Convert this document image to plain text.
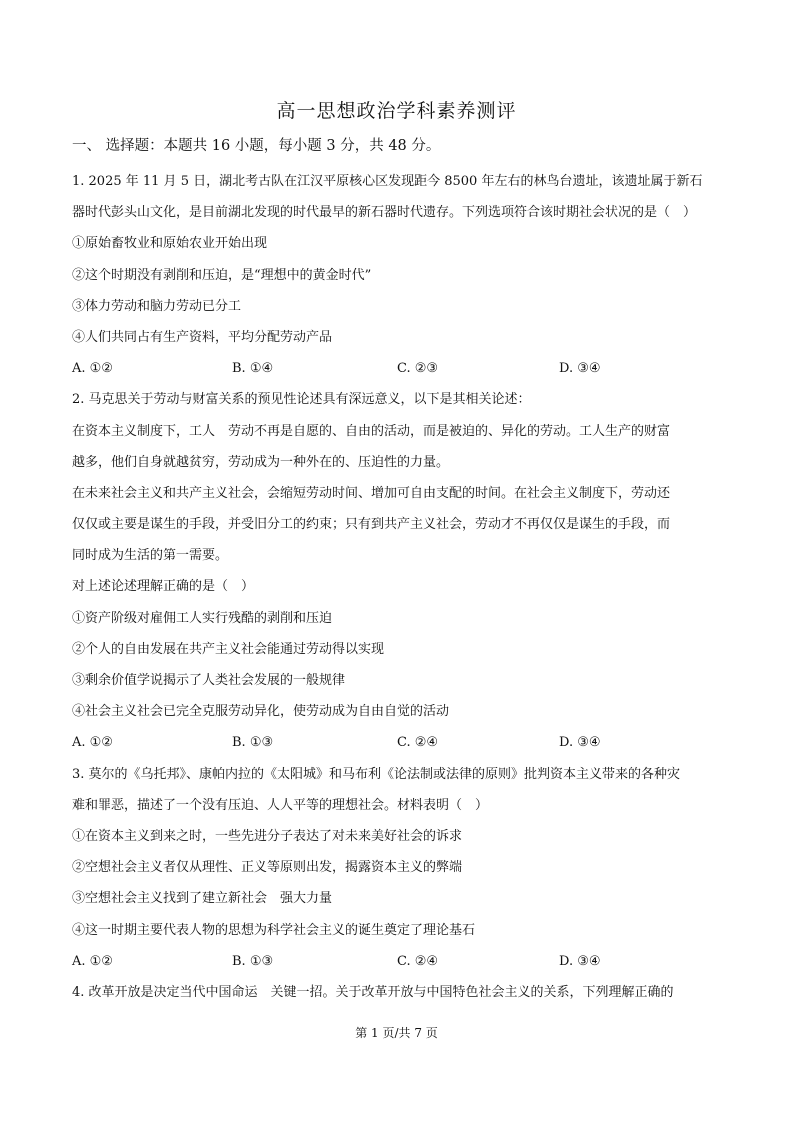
高一思想政治学科素养测评
一、 选择题：本题共 16 小题，每小题 3 分，共 48 分。
1. 2025 年 11 月 5 日，湖北考古队在江汉平原核心区发现距今 8500 年左右的林鸟台遗址，该遗址属于新石
器时代彭头山文化，是目前湖北发现的时代最早的新石器时代遗存。下列选项符合该时期社会状况的是（　）
①原始畜牧业和原始农业开始出现
②这个时期没有剥削和压迫，是“理想中的黄金时代”
③体力劳动和脑力劳动已分工
④人们共同占有生产资料，平均分配劳动产品
A. ①②	B. ①④	C. ②③	D. ③④
2. 马克思关于劳动与财富关系的预见性论述具有深远意义，以下是其相关论述：
在资本主义制度下，工人　劳动不再是自愿的、自由的活动，而是被迫的、异化的劳动。工人生产的财富
越多，他们自身就越贫穷，劳动成为一种外在的、压迫性的力量。
在未来社会主义和共产主义社会，会缩短劳动时间、增加可自由支配的时间。在社会主义制度下，劳动还
仅仅或主要是谋生的手段，并受旧分工的约束；只有到共产主义社会，劳动才不再仅仅是谋生的手段，而
同时成为生活的第一需要。
对上述论述理解正确的是（　）
①资产阶级对雇佣工人实行残酷的剥削和压迫
②个人的自由发展在共产主义社会能通过劳动得以实现
③剩余价值学说揭示了人类社会发展的一般规律
④社会主义社会已完全克服劳动异化，使劳动成为自由自觉的活动
A. ①②	B. ①③	C. ②④	D. ③④
3. 莫尔的《乌托邦》、康帕内拉的《太阳城》和马布利《论法制或法律的原则》批判资本主义带来的各种灾
难和罪恶，描述了一个没有压迫、人人平等的理想社会。材料表明（　）
①在资本主义到来之时，一些先进分子表达了对未来美好社会的诉求
②空想社会主义者仅从理性、正义等原则出发，揭露资本主义的弊端
③空想社会主义找到了建立新社会　强大力量
④这一时期主要代表人物的思想为科学社会主义的诞生奠定了理论基石
A. ①②	B. ①③	C. ②④	D. ③④
4. 改革开放是决定当代中国命运　关键一招。关于改革开放与中国特色社会主义的关系，下列理解正确的
第 1 页/共 7 页
